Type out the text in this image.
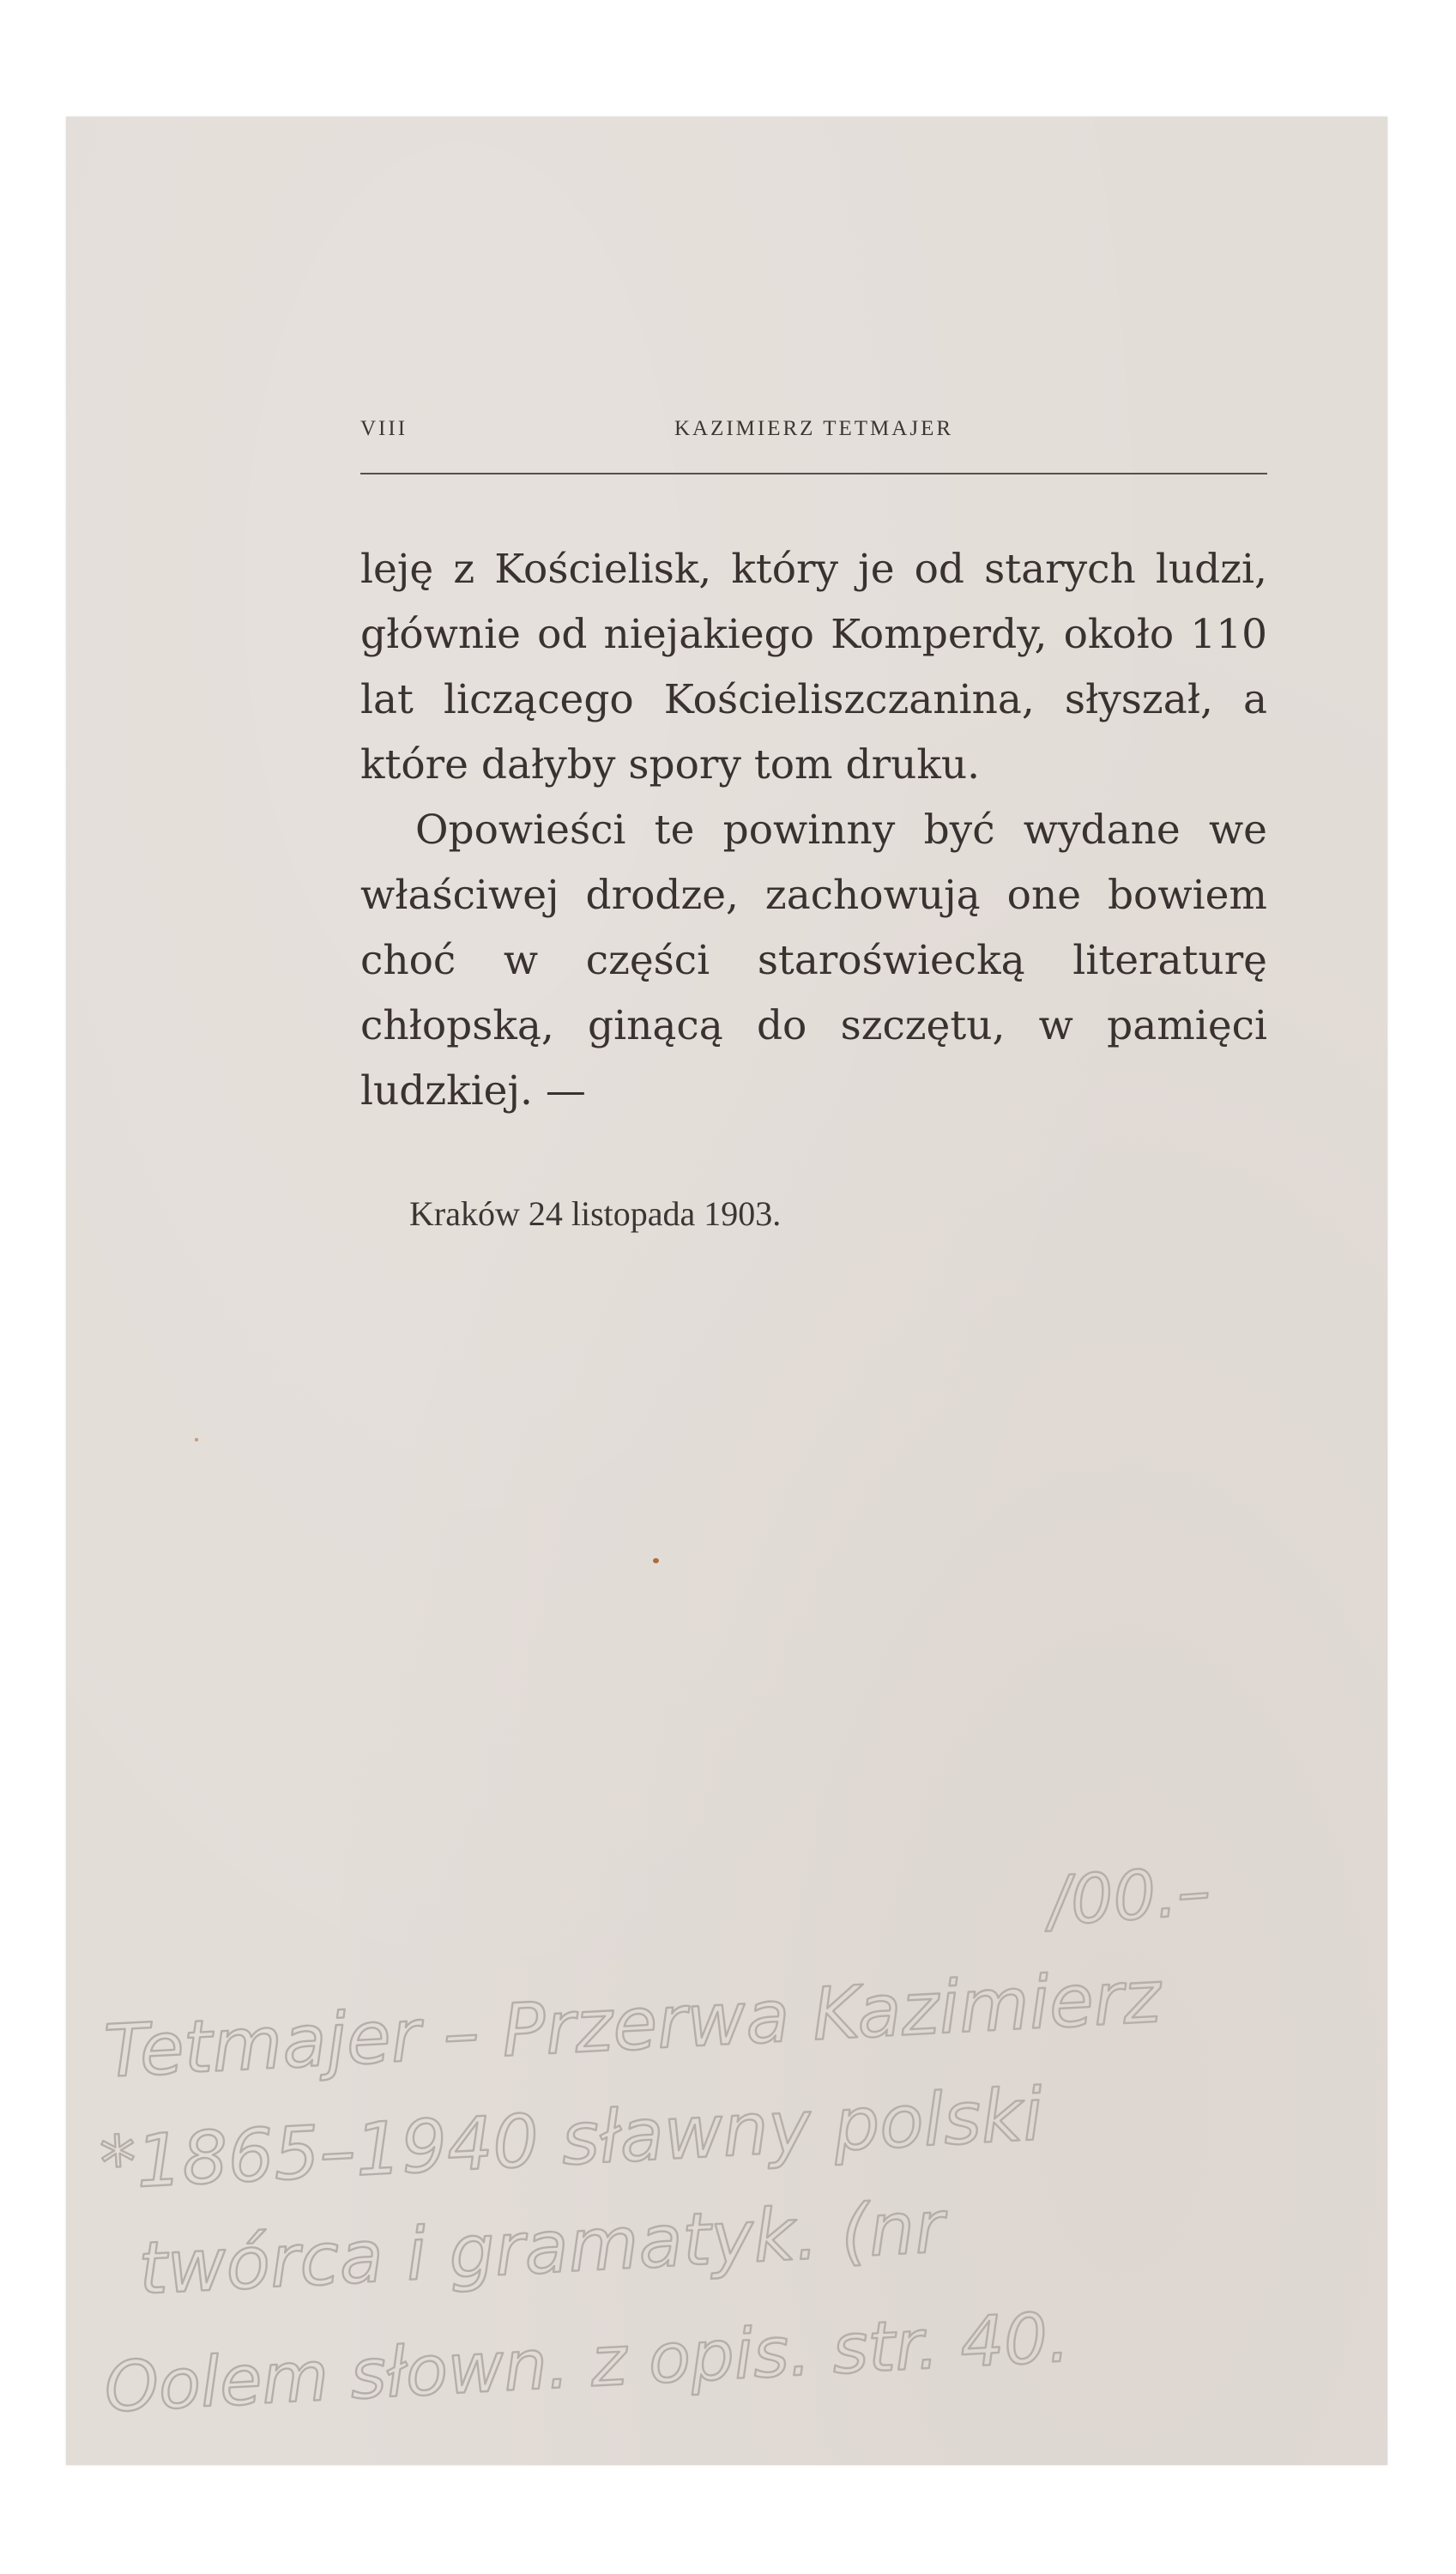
VIII	KAZIMIERZ TETMAJER

leję z Kościelisk, który je od starych ludzi, głównie od niejakiego Komperdy, około 110 lat liczącego Kościeliszczanina, słyszał, a które dałyby spory tom druku.

Opowieści te powinny być wydane we właściwej drodze, zachowują one bowiem choć w części staroświecką literaturę chłopską, ginącą do szczętu, w pamięci ludzkiej. —

Kraków 24 listopada 1903.
/00.–
Tetmajer – Przerwa Kazimierz
*1865–1940 sławny polski
twórca i gramatyk. (nr
Oolem słown. z opis. str. 40.
